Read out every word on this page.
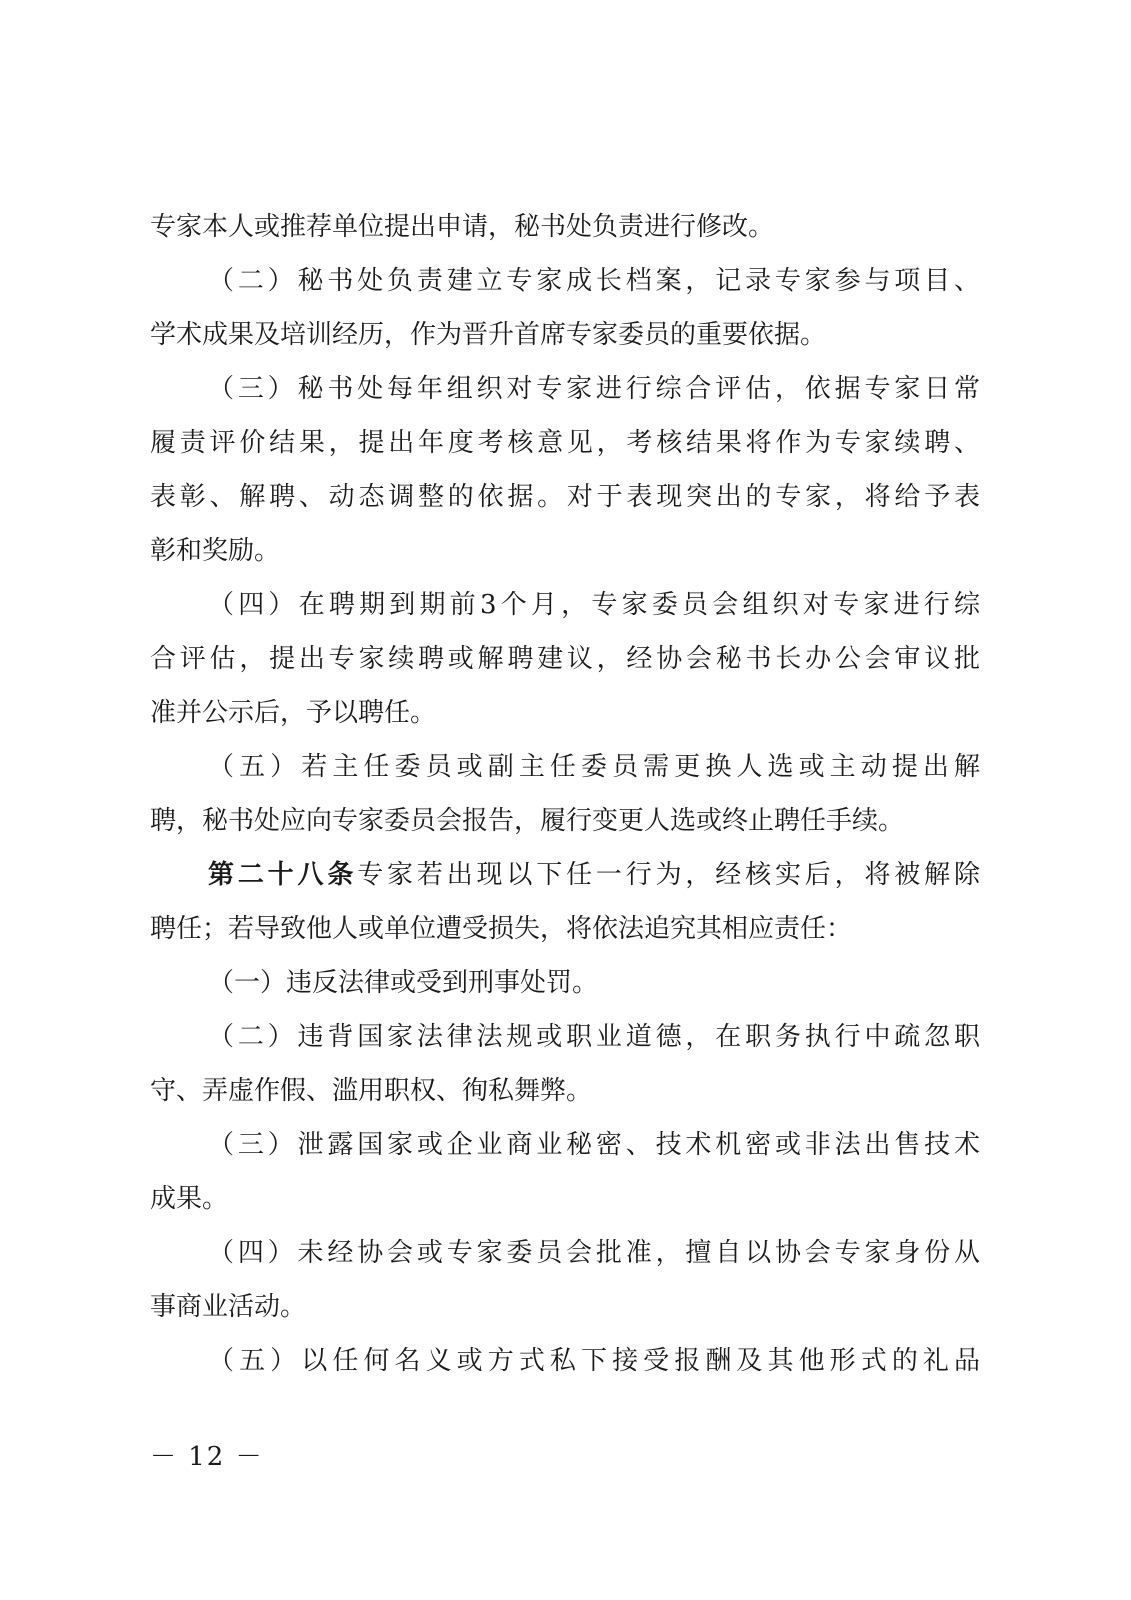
专家本人或推荐单位提出申请，秘书处负责进行修改。
（二）秘书处负责建立专家成长档案，记录专家参与项目、
学术成果及培训经历，作为晋升首席专家委员的重要依据。
（三）秘书处每年组织对专家进行综合评估，依据专家日常
履责评价结果，提出年度考核意见，考核结果将作为专家续聘、
表彰、解聘、动态调整的依据。对于表现突出的专家，将给予表
彰和奖励。
（四）在聘期到期前3个月，专家委员会组织对专家进行综
合评估，提出专家续聘或解聘建议，经协会秘书长办公会审议批
准并公示后，予以聘任。
（五）若主任委员或副主任委员需更换人选或主动提出解
聘，秘书处应向专家委员会报告，履行变更人选或终止聘任手续。
第二十八条专家若出现以下任一行为，经核实后，将被解除
聘任；若导致他人或单位遭受损失，将依法追究其相应责任：
（一）违反法律或受到刑事处罚。
（二）违背国家法律法规或职业道德，在职务执行中疏忽职
守、弄虚作假、滥用职权、徇私舞弊。
（三）泄露国家或企业商业秘密、技术机密或非法出售技术
成果。
（四）未经协会或专家委员会批准，擅自以协会专家身份从
事商业活动。
（五）以任何名义或方式私下接受报酬及其他形式的礼品
－ 12 －
